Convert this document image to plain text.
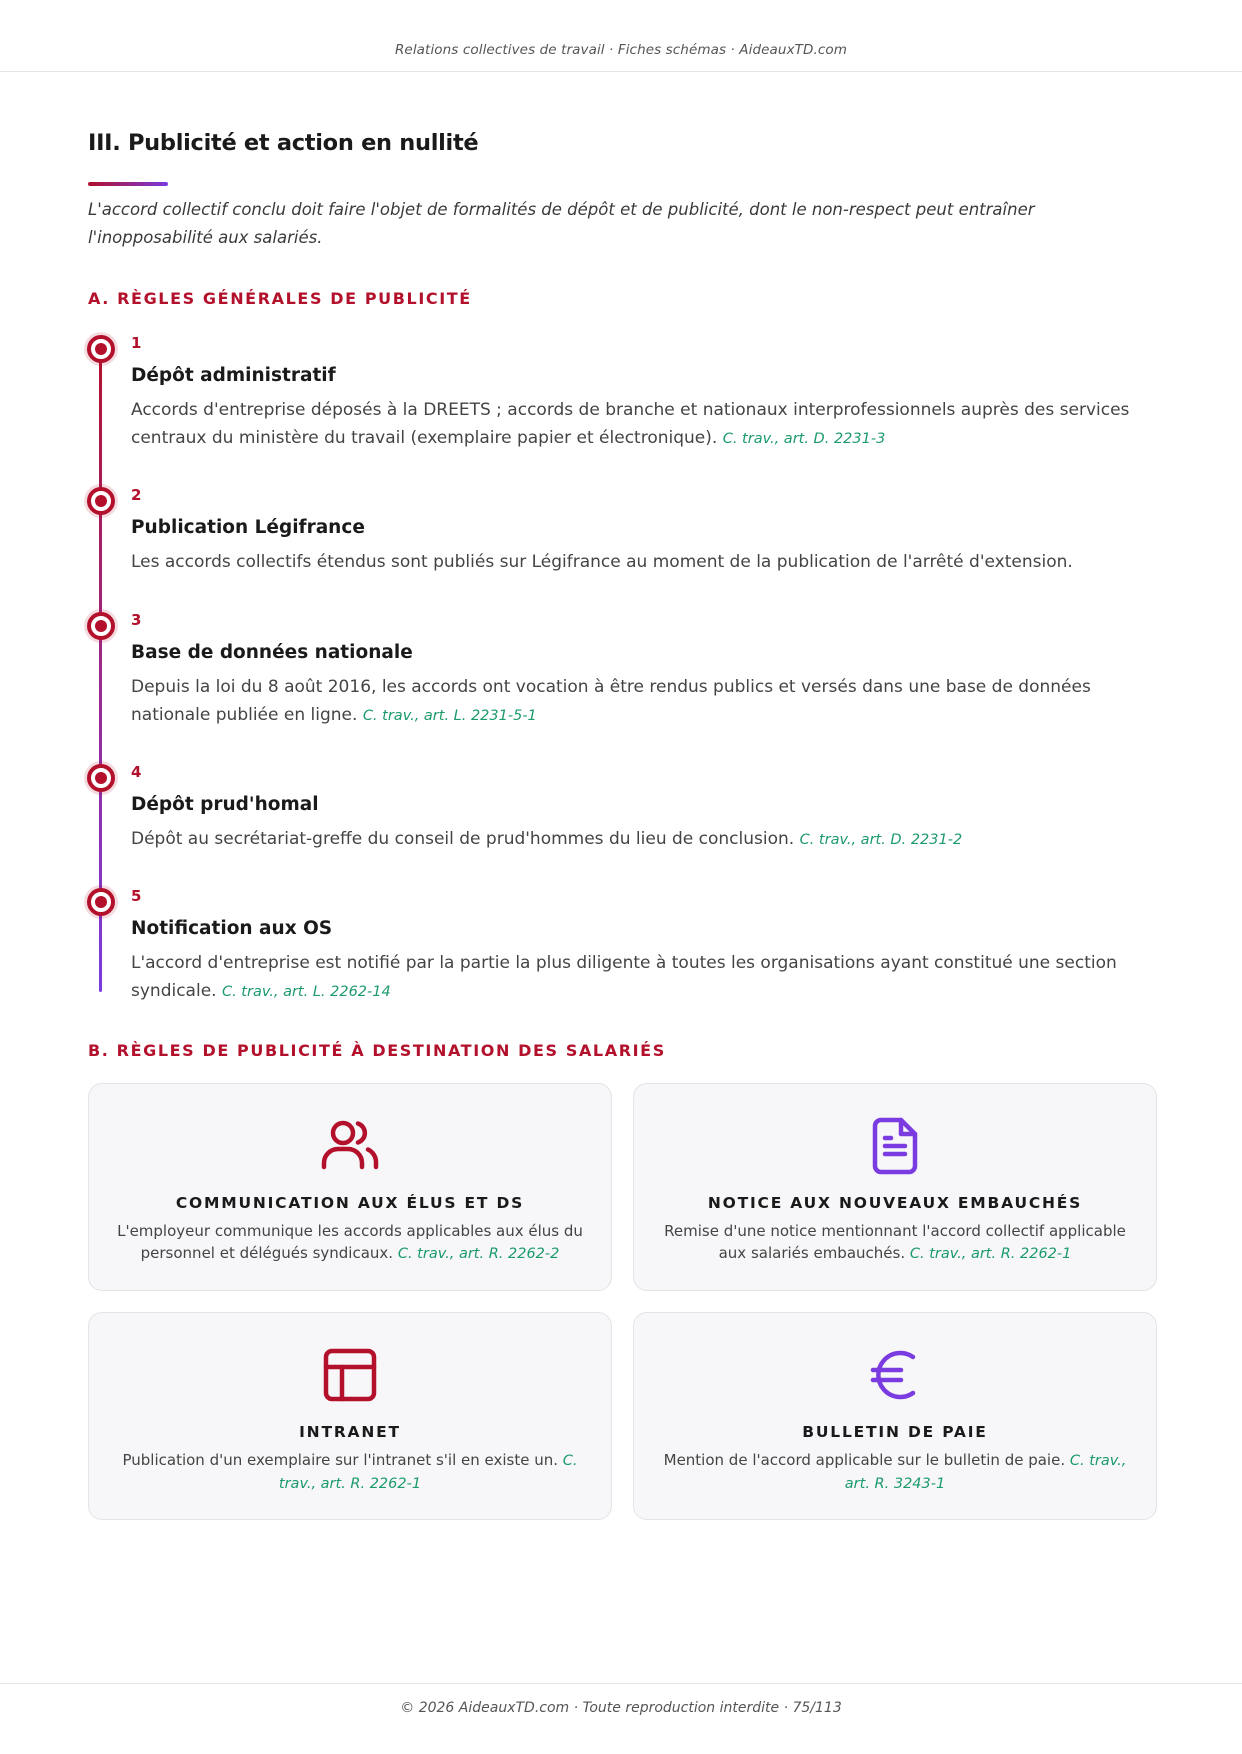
Relations collectives de travail · Fiches schémas · AideauxTD.com
III. Publicité et action en nullité

L'accord collectif conclu doit faire l'objet de formalités de dépôt et de publicité, dont le non-respect peut entraîner l'inopposabilité aux salariés.

A. RÈGLES GÉNÉRALES DE PUBLICITÉ
1
Dépôt administratif

Accords d'entreprise déposés à la DREETS ; accords de branche et nationaux interprofessionnels auprès des services centraux du ministère du travail (exemplaire papier et électronique). C. trav., art. D. 2231-3

2
Publication Légifrance

Les accords collectifs étendus sont publiés sur Légifrance au moment de la publication de l'arrêté d'extension.

3
Base de données nationale

Depuis la loi du 8 août 2016, les accords ont vocation à être rendus publics et versés dans une base de données nationale publiée en ligne. C. trav., art. L. 2231-5-1

4
Dépôt prud'homal

Dépôt au secrétariat-greffe du conseil de prud'hommes du lieu de conclusion. C. trav., art. D. 2231-2

5
Notification aux OS

L'accord d'entreprise est notifié par la partie la plus diligente à toutes les organisations ayant constitué une section syndicale. C. trav., art. L. 2262-14

B. RÈGLES DE PUBLICITÉ À DESTINATION DES SALARIÉS
COMMUNICATION AUX ÉLUS ET DS

L'employeur communique les accords applicables aux élus du personnel et délégués syndicaux. C. trav., art. R. 2262-2

NOTICE AUX NOUVEAUX EMBAUCHÉS

Remise d'une notice mentionnant l'accord collectif applicable aux salariés embauchés. C. trav., art. R. 2262-1

INTRANET

Publication d'un exemplaire sur l'intranet s'il en existe un. C. trav., art. R. 2262-1

BULLETIN DE PAIE

Mention de l'accord applicable sur le bulletin de paie. C. trav., art. R. 3243-1

© 2026 AideauxTD.com · Toute reproduction interdite · 75/113
